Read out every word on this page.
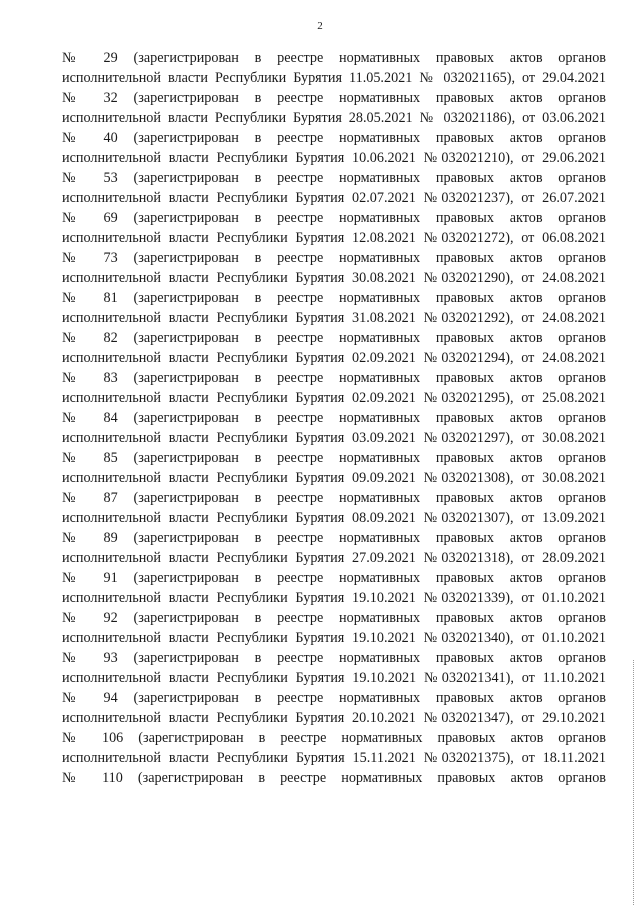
2
№ 29 (зарегистрирован в реестре нормативных правовых актов органов
исполнительной власти Республики Бурятия 11.05.2021 № 032021165), от 29.04.2021
№ 32 (зарегистрирован в реестре нормативных правовых актов органов
исполнительной власти Республики Бурятия 28.05.2021 № 032021186), от 03.06.2021
№ 40 (зарегистрирован в реестре нормативных правовых актов органов
исполнительной власти Республики Бурятия 10.06.2021 №032021210), от 29.06.2021
№ 53 (зарегистрирован в реестре нормативных правовых актов органов
исполнительной власти Республики Бурятия 02.07.2021 №032021237), от 26.07.2021
№ 69 (зарегистрирован в реестре нормативных правовых актов органов
исполнительной власти Республики Бурятия 12.08.2021 №032021272), от 06.08.2021
№ 73 (зарегистрирован в реестре нормативных правовых актов органов
исполнительной власти Республики Бурятия 30.08.2021 №032021290), от 24.08.2021
№ 81 (зарегистрирован в реестре нормативных правовых актов органов
исполнительной власти Республики Бурятия 31.08.2021 №032021292), от 24.08.2021
№ 82 (зарегистрирован в реестре нормативных правовых актов органов
исполнительной власти Республики Бурятия 02.09.2021 №032021294), от 24.08.2021
№ 83 (зарегистрирован в реестре нормативных правовых актов органов
исполнительной власти Республики Бурятия 02.09.2021 №032021295), от 25.08.2021
№ 84 (зарегистрирован в реестре нормативных правовых актов органов
исполнительной власти Республики Бурятия 03.09.2021 №032021297), от 30.08.2021
№ 85 (зарегистрирован в реестре нормативных правовых актов органов
исполнительной власти Республики Бурятия 09.09.2021 №032021308), от 30.08.2021
№ 87 (зарегистрирован в реестре нормативных правовых актов органов
исполнительной власти Республики Бурятия 08.09.2021 №032021307), от 13.09.2021
№ 89 (зарегистрирован в реестре нормативных правовых актов органов
исполнительной власти Республики Бурятия 27.09.2021 №032021318), от 28.09.2021
№ 91 (зарегистрирован в реестре нормативных правовых актов органов
исполнительной власти Республики Бурятия 19.10.2021 №032021339), от 01.10.2021
№ 92 (зарегистрирован в реестре нормативных правовых актов органов
исполнительной власти Республики Бурятия 19.10.2021 №032021340), от 01.10.2021
№ 93 (зарегистрирован в реестре нормативных правовых актов органов
исполнительной власти Республики Бурятия 19.10.2021 №032021341), от 11.10.2021
№ 94 (зарегистрирован в реестре нормативных правовых актов органов
исполнительной власти Республики Бурятия 20.10.2021 №032021347), от 29.10.2021
№ 106 (зарегистрирован в реестре нормативных правовых актов органов
исполнительной власти Республики Бурятия 15.11.2021 №032021375), от 18.11.2021
№ 110 (зарегистрирован в реестре нормативных правовых актов органов
